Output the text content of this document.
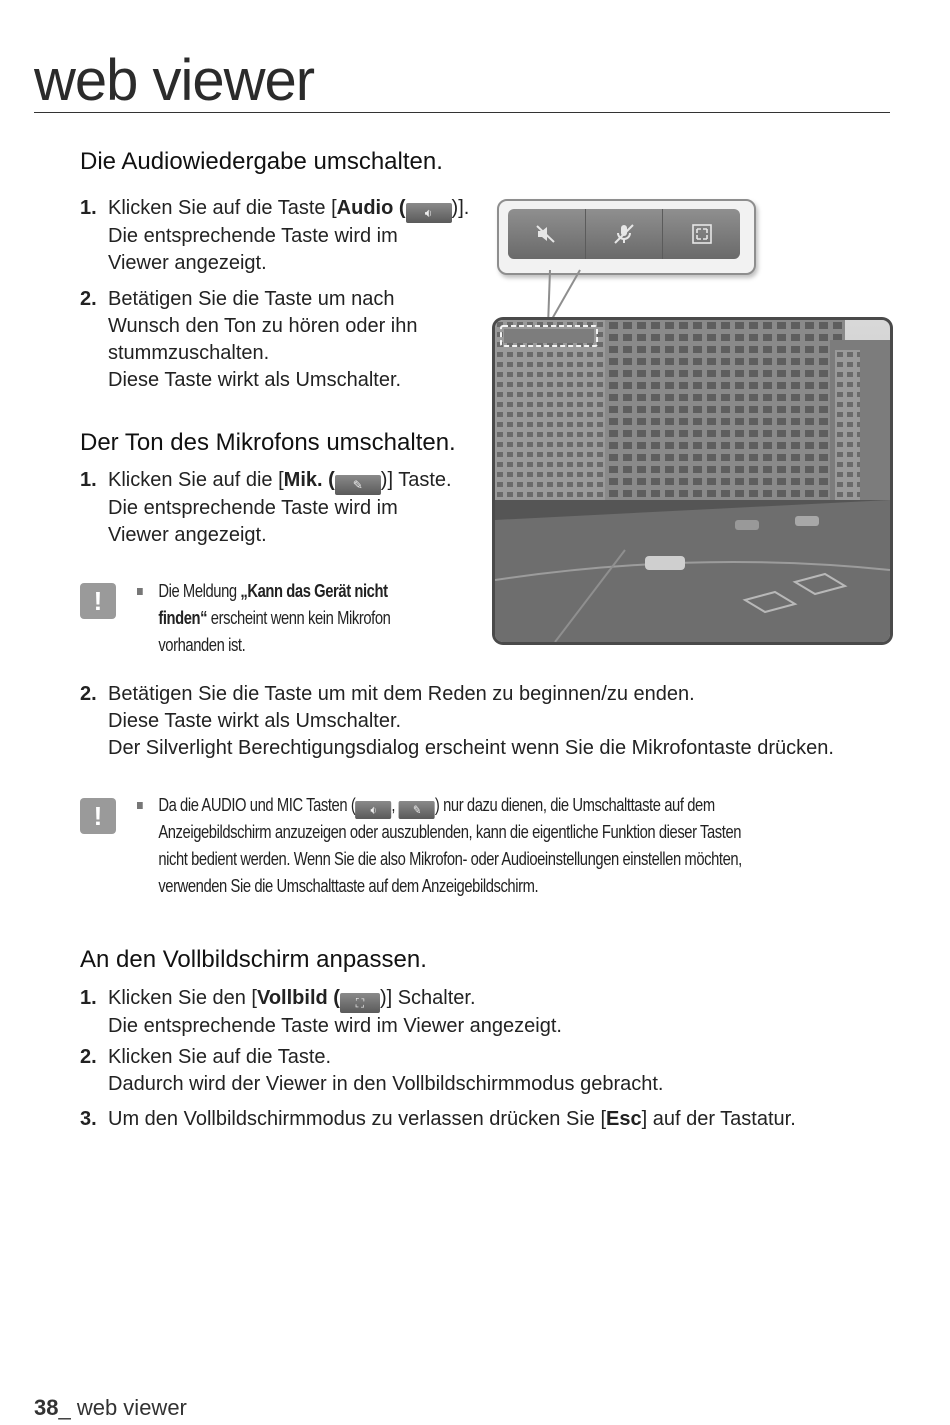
web viewer
Die Audiowiedergabe umschalten.
1. Klicken Sie auf die Taste [Audio ( 🔉︎ )].
Die entsprechende Taste wird im
Viewer angezeigt.
2. Betätigen Sie die Taste um nach
Wunsch den Ton zu hören oder ihn
stummzuschalten.
Diese Taste wirkt als Umschalter.
Der Ton des Mikrofons umschalten.
1. Klicken Sie auf die [Mik. ( ✎ )] Taste.
Die entsprechende Taste wird im
Viewer angezeigt.
!	Die Meldung „Kann das Gerät nicht
finden“ erscheint wenn kein Mikrofon
vorhanden ist.
2. Betätigen Sie die Taste um mit dem Reden zu beginnen/zu enden.
Diese Taste wirkt als Umschalter.
Der Silverlight Berechtigungsdialog erscheint wenn Sie die Mikrofontaste drücken.
!	Da die AUDIO und MIC Tasten ( 🔉︎ , ✎ ) nur dazu dienen, die Umschalttaste auf dem
Anzeigebildschirm anzuzeigen oder auszublenden, kann die eigentliche Funktion dieser Tasten
nicht bedient werden. Wenn Sie die also Mikrofon- oder Audioeinstellungen einstellen möchten,
verwenden Sie die Umschalttaste auf dem Anzeigebildschirm.
An den Vollbildschirm anpassen.
1. Klicken Sie den [Vollbild ( ⛶ )] Schalter.
Die entsprechende Taste wird im Viewer angezeigt.
2. Klicken Sie auf die Taste.
Dadurch wird der Viewer in den Vollbildschirmmodus gebracht.
3. Um den Vollbildschirmmodus zu verlassen drücken Sie [Esc] auf der Tastatur.
38_ web viewer
